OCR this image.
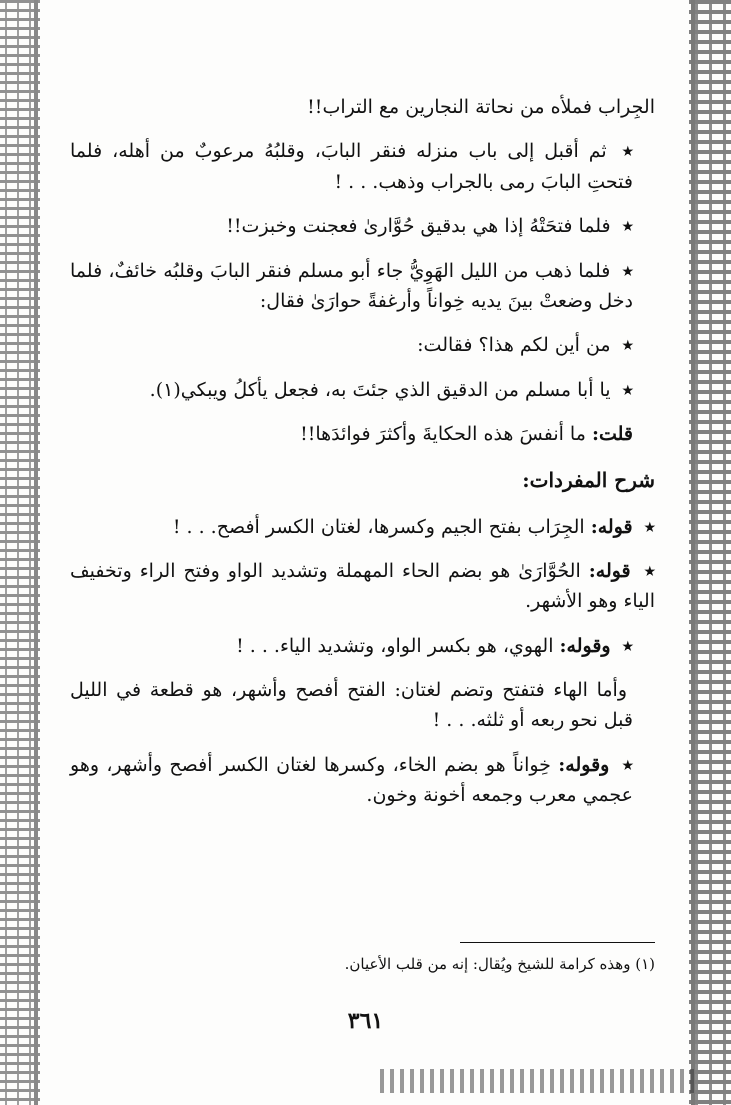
الجِراب فملأه من نحاتة النجارين مع التراب!!

٭ ثم أقبل إلى باب منزله فنقر البابَ، وقلبُهُ مرعوبٌ من أهله، فلما فتحتِ البابَ رمى بالجراب وذهب. . . !

٭ فلما فتحَتْهُ إذا هي بدقيق حُوَّارىٰ فعجنت وخبزت!!

٭ فلما ذهب من الليل الهَوِيُّ جاء أبو مسلم فنقر البابَ وقلبُه خائفٌ، فلما دخل وضعتْ بينَ يديه خِواناً وأرغفةً حوارَىٰ فقال:

٭ من أين لكم هذا؟ فقالت:

٭ يا أبا مسلم من الدقيق الذي جئتَ به، فجعل يأكلُ ويبكي(١).

قلت: ما أنفسَ هذه الحكايةَ وأكثرَ فوائدَها!!

شرح المفردات:

٭ قوله: الجِرَاب بفتح الجيم وكسرها، لغتان الكسر أفصح. . . !

٭ قوله: الحُوَّارَىٰ هو بضم الحاء المهملة وتشديد الواو وفتح الراء وتخفيف الياء وهو الأشهر.

٭ وقوله: الهوي، هو بكسر الواو، وتشديد الياء. . . !

وأما الهاء فتفتح وتضم لغتان: الفتح أفصح وأشهر، هو قطعة في الليل قبل نحو ربعه أو ثلثه. . . !

٭ وقوله: خِواناً هو بضم الخاء، وكسرها لغتان الكسر أفصح وأشهر، وهو عجمي معرب وجمعه أخونة وخون.

(١) وهذه كرامة للشيخ ويُقال: إنه من قلب الأعيان.
٣٦١
